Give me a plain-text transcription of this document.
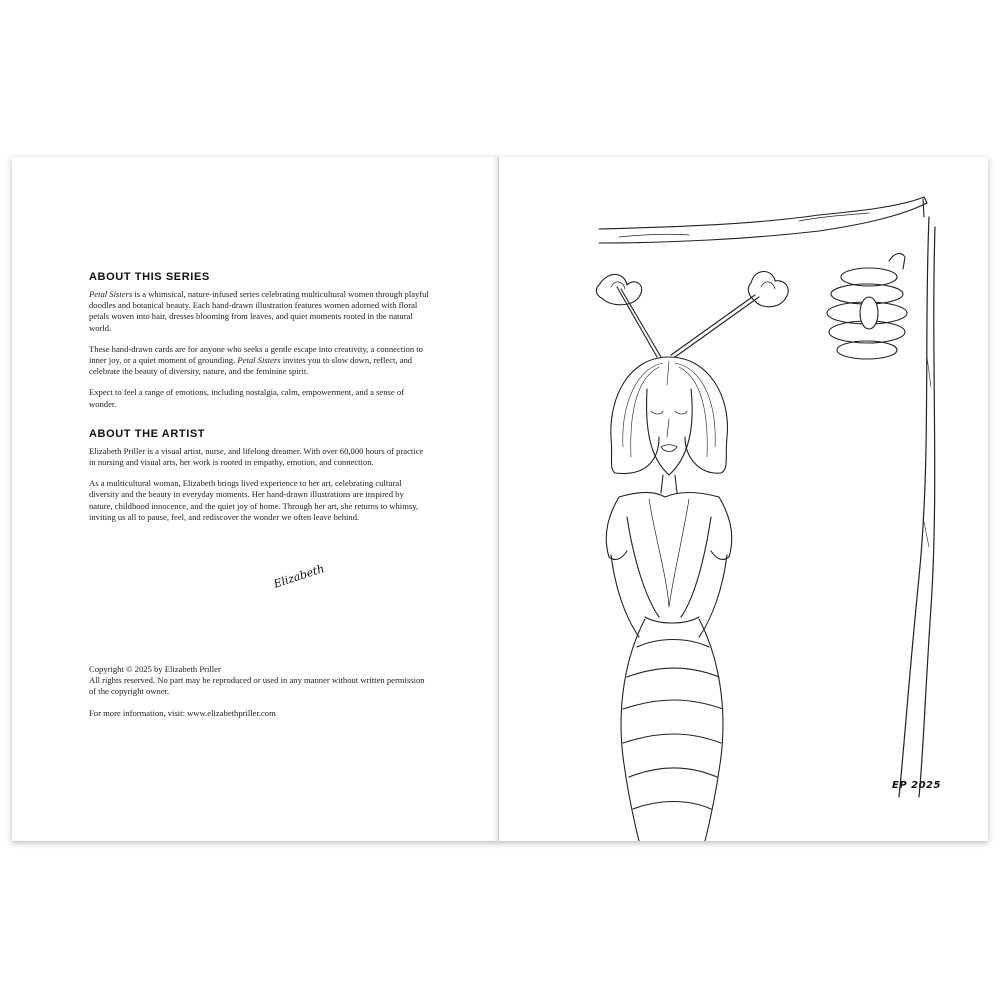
ABOUT THIS SERIES

Petal Sisters is a whimsical, nature-infused series celebrating multicultural women through playful doodles and botanical beauty. Each hand-drawn illustration features women adorned with floral petals woven into hair, dresses blooming from leaves, and quiet moments rooted in the natural world.

These hand-drawn cards are for anyone who seeks a gentle escape into creativity, a connection to inner joy, or a quiet moment of grounding. Petal Sisters invites you to slow down, reflect, and celebrate the beauty of diversity, nature, and the feminine spirit.

Expect to feel a range of emotions, including nostalgia, calm, empowerment, and a sense of wonder.

ABOUT THE ARTIST

Elizabeth Priller is a visual artist, nurse, and lifelong dreamer. With over 60,000 hours of practice in nursing and visual arts, her work is rooted in empathy, emotion, and connection.

As a multicultural woman, Elizabeth brings lived experience to her art, celebrating cultural diversity and the beauty in everyday moments. Her hand-drawn illustrations are inspired by nature, childhood innocence, and the quiet joy of home. Through her art, she returns to whimsy, inviting us all to pause, feel, and rediscover the wonder we often leave behind.

Elizabeth

Copyright © 2025 by Elizabeth Priller
All rights reserved. No part may be reproduced or used in any manner without written permission of the copyright owner.

For more information, visit: www.elizabethpriller.com

EP 2025
